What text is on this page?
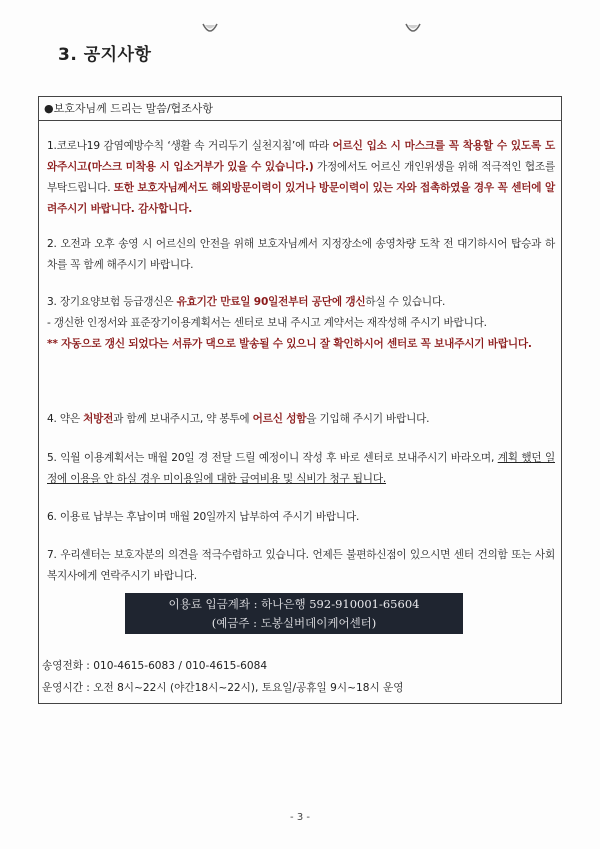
3. 공지사항
●보호자님께 드리는 말씀/협조사항

1.코로나19 감염예방수칙 ‘생활 속 거리두기 실천지침’에 따라 어르신 입소 시 마스크를 꼭 착용할 수 있도록 도와주시고(마스크 미착용 시 입소거부가 있을 수 있습니다.) 가정에서도 어르신 개인위생을 위해 적극적인 협조를 부탁드립니다. 또한 보호자님께서도 해외방문이력이 있거나 방문이력이 있는 자와 접촉하였을 경우 꼭 센터에 알려주시기 바랍니다. 감사합니다.

2. 오전과 오후 송영 시 어르신의 안전을 위해 보호자님께서 지정장소에 송영차량 도착 전 대기하시어 탑승과 하차를 꼭 함께 해주시기 바랍니다.

3. 장기요양보험 등급갱신은 유효기간 만료일 90일전부터 공단에 갱신하실 수 있습니다.

- 갱신한 인정서와 표준장기이용계획서는 센터로 보내 주시고 계약서는 재작성해 주시기 바랍니다.

** 자동으로 갱신 되었다는 서류가 댁으로 발송될 수 있으니 잘 확인하시어 센터로 꼭 보내주시기 바랍니다.

4. 약은 처방전과 함께 보내주시고, 약 봉투에 어르신 성함을 기입해 주시기 바랍니다.

5. 익월 이용계획서는 매월 20일 경 전달 드릴 예정이니 작성 후 바로 센터로 보내주시기 바라오며, 계획 했던 일정에 이용을 안 하실 경우 미이용일에 대한 급여비용 및 식비가 청구 됩니다.

6. 이용료 납부는 후납이며 매월 20일까지 납부하여 주시기 바랍니다.

7. 우리센터는 보호자분의 의견을 적극수렴하고 있습니다. 언제든 불편하신점이 있으시면 센터 건의함 또는 사회복지사에게 연락주시기 바랍니다.

이용료 입금계좌 : 하나은행 592-910001-65604
(예금주 : 도봉실버데이케어센터)
송영전화 : 010-4615-6083 / 010-4615-6084
운영시간 : 오전 8시~22시 (야간18시~22시), 토요일/공휴일 9시~18시 운영
- 3 -
